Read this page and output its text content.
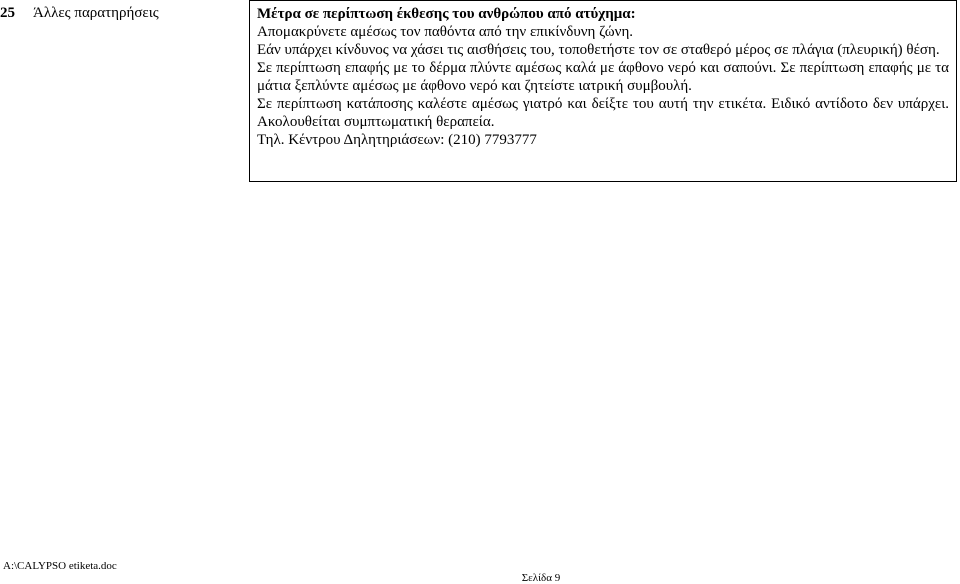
25 Άλλες παρατηρήσεις	Μέτρα σε περίπτωση έκθεσης του ανθρώπου από ατύχημα:

Απομακρύνετε αμέσως τον παθόντα από την επικίνδυνη ζώνη.

Εάν υπάρχει κίνδυνος να χάσει τις αισθήσεις του, τοποθετήστε τον σε σταθερό μέρος σε πλάγια (πλευρική) θέση.

Σε περίπτωση επαφής με το δέρμα πλύντε αμέσως καλά με άφθονο νερό και σαπούνι. Σε περίπτωση επαφής με τα μάτια ξεπλύντε αμέσως με άφθονο νερό και ζητείστε ιατρική συμβουλή.

Σε περίπτωση κατάποσης καλέστε αμέσως γιατρό και δείξτε του αυτή την ετικέτα. Ειδικό αντίδοτο δεν υπάρχει. Ακολουθείται συμπτωματική θεραπεία.

Τηλ. Κέντρου Δηλητηριάσεων: (210) 7793777

A:\CALYPSO etiketa.doc
Σελίδα 9
